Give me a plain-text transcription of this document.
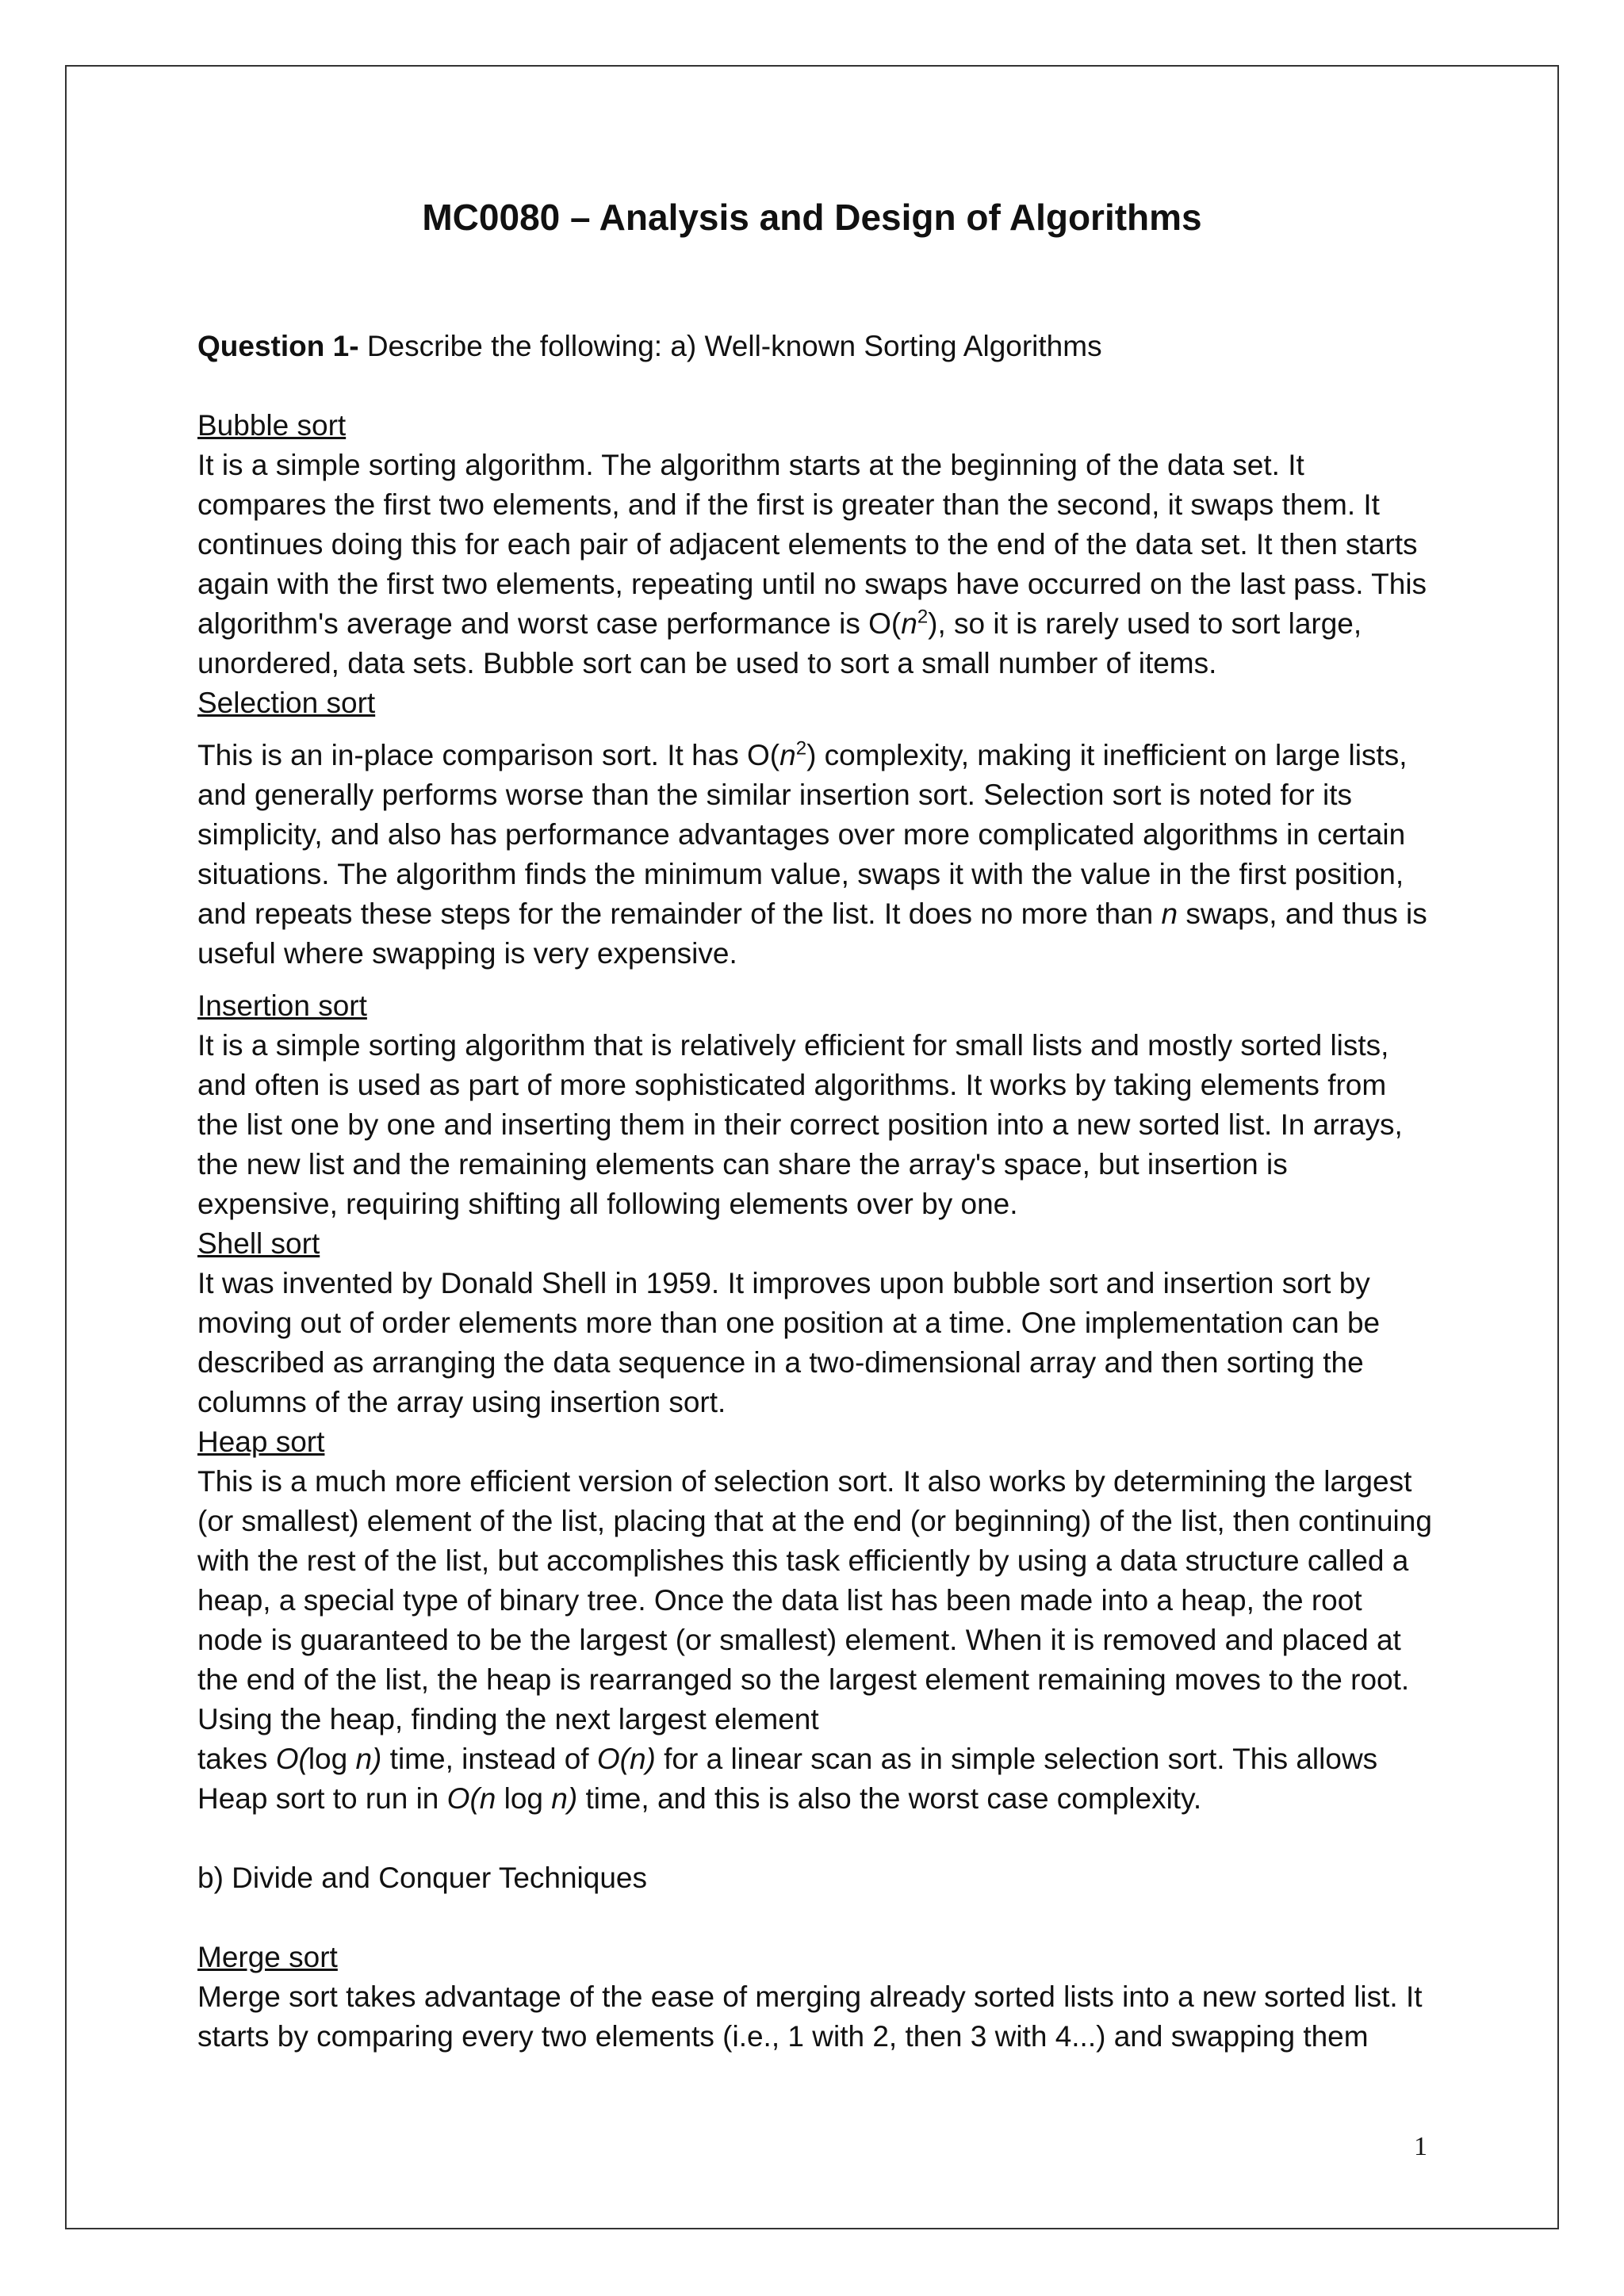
MC0080 – Analysis and Design of Algorithms

Question 1- Describe the following: a) Well-known Sorting Algorithms

Bubble sort

It is a simple sorting algorithm. The algorithm starts at the beginning of the data set. It compares the first two elements, and if the first is greater than the second, it swaps them. It continues doing this for each pair of adjacent elements to the end of the data set. It then starts again with the first two elements, repeating until no swaps have occurred on the last pass. This algorithm's average and worst case performance is $O(n^2)$, so it is rarely used to sort large, unordered, data sets. Bubble sort can be used to sort a small number of items.

Selection sort

This is an in-place comparison sort. It has $O(n^2)$ complexity, making it inefficient on large lists, and generally performs worse than the similar insertion sort. Selection sort is noted for its simplicity, and also has performance advantages over more complicated algorithms in certain situations. The algorithm finds the minimum value, swaps it with the value in the first position, and repeats these steps for the remainder of the list. It does no more than n swaps, and thus is useful where swapping is very expensive.

Insertion sort

It is a simple sorting algorithm that is relatively efficient for small lists and mostly sorted lists, and often is used as part of more sophisticated algorithms. It works by taking elements from the list one by one and inserting them in their correct position into a new sorted list. In arrays, the new list and the remaining elements can share the array's space, but insertion is expensive, requiring shifting all following elements over by one.

Shell sort

It was invented by Donald Shell in 1959. It improves upon bubble sort and insertion sort by moving out of order elements more than one position at a time. One implementation can be described as arranging the data sequence in a two-dimensional array and then sorting the columns of the array using insertion sort.

Heap sort

This is a much more efficient version of selection sort. It also works by determining the largest (or smallest) element of the list, placing that at the end (or beginning) of the list, then continuing with the rest of the list, but accomplishes this task efficiently by using a data structure called a heap, a special type of binary tree. Once the data list has been made into a heap, the root node is guaranteed to be the largest (or smallest) element. When it is removed and placed at the end of the list, the heap is rearranged so the largest element remaining moves to the root. Using the heap, finding the next largest element

takes O(log n) time, instead of O(n) for a linear scan as in simple selection sort. This allows Heap sort to run in O(n log n) time, and this is also the worst case complexity.

b) Divide and Conquer Techniques

Merge sort

Merge sort takes advantage of the ease of merging already sorted lists into a new sorted list. It starts by comparing every two elements (i.e., 1 with 2, then 3 with 4...) and swapping them

1
